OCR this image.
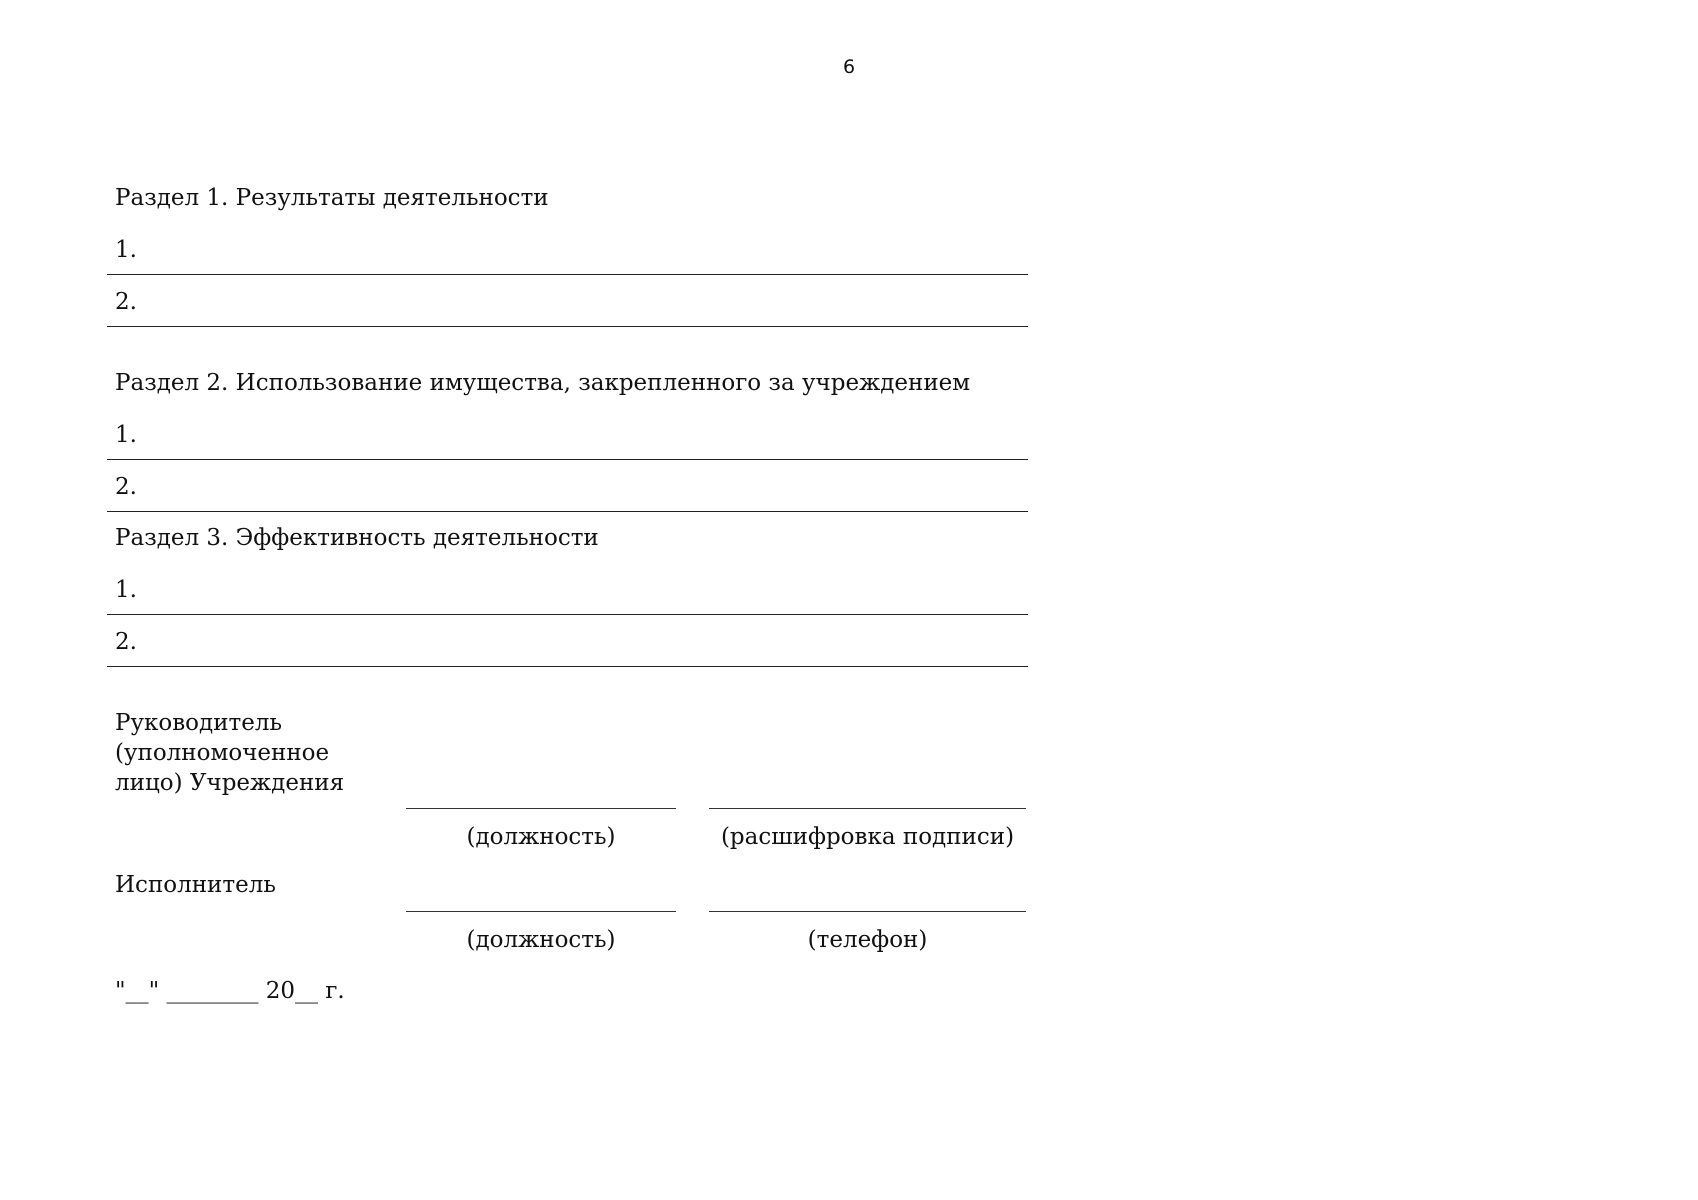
6
Раздел 1. Результаты деятельности
1.
2.
Раздел 2. Использование имущества, закрепленного за учреждением
1.
2.
Раздел 3. Эффективность деятельности
1.
2.
Руководитель (уполномоченное лицо) Учреждения
(должность)	(расшифровка подписи)
Исполнитель
(должность)	(телефон)
"__" ________ 20__ г.
